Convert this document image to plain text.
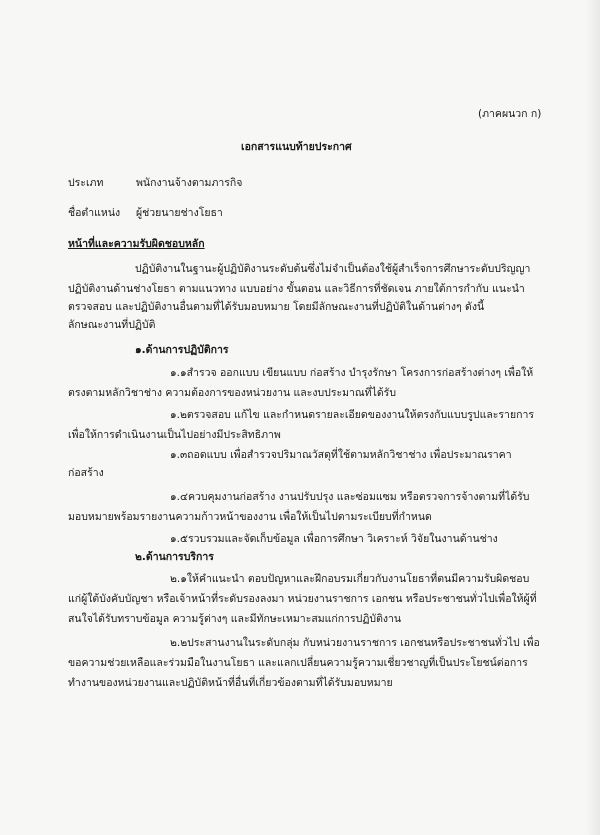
(ภาคผนวก ก)
เอกสารแนบท้ายประกาศ
ประเภท	พนักงานจ้างตามภารกิจ
ชื่อตำแหน่ง ผู้ช่วยนายช่างโยธา
หน้าที่และความรับผิดชอบหลัก
ปฏิบัติงานในฐานะผู้ปฏิบัติงานระดับต้นซึ่งไม่จำเป็นต้องใช้ผู้สำเร็จการศึกษาระดับปริญญา
ปฏิบัติงานด้านช่างโยธา ตามแนวทาง แบบอย่าง ขั้นตอน และวิธีการที่ชัดเจน ภายใต้การกำกับ แนะนำ
ตรวจสอบ และปฏิบัติงานอื่นตามที่ได้รับมอบหมาย โดยมีลักษณะงานที่ปฏิบัติในด้านต่างๆ ดังนี้
ลักษณะงานที่ปฏิบัติ
๑.ด้านการปฏิบัติการ
๑.๑สำรวจ ออกแบบ เขียนแบบ ก่อสร้าง บำรุงรักษา โครงการก่อสร้างต่างๆ เพื่อให้
ตรงตามหลักวิชาช่าง ความต้องการของหน่วยงาน และงบประมาณที่ได้รับ
๑.๒ตรวจสอบ แก้ไข และกำหนดรายละเอียดของงานให้ตรงกับแบบรูปและรายการ
เพื่อให้การดำเนินงานเป็นไปอย่างมีประสิทธิภาพ
๑.๓ถอดแบบ เพื่อสำรวจปริมาณวัสดุที่ใช้ตามหลักวิชาช่าง เพื่อประมาณราคา
ก่อสร้าง
๑.๔ควบคุมงานก่อสร้าง งานปรับปรุง และซ่อมแซม หรือตรวจการจ้างตามที่ได้รับ
มอบหมายพร้อมรายงานความก้าวหน้าของงาน เพื่อให้เป็นไปตามระเบียบที่กำหนด
๑.๕รวบรวมและจัดเก็บข้อมูล เพื่อการศึกษา วิเคราะห์ วิจัยในงานด้านช่าง
๒.ด้านการบริการ
๒.๑ให้คำแนะนำ ตอบปัญหาและฝึกอบรมเกี่ยวกับงานโยธาที่ตนมีความรับผิดชอบ
แก่ผู้ใต้บังคับบัญชา หรือเจ้าหน้าที่ระดับรองลงมา หน่วยงานราชการ เอกชน หรือประชาชนทั่วไปเพื่อให้ผู้ที่
สนใจได้รับทราบข้อมูล ความรู้ต่างๆ และมีทักษะเหมาะสมแก่การปฏิบัติงาน
๒.๒ประสานงานในระดับกลุ่ม กับหน่วยงานราชการ เอกชนหรือประชาชนทั่วไป เพื่อ
ขอความช่วยเหลือและร่วมมือในงานโยธา และแลกเปลี่ยนความรู้ความเชี่ยวชาญที่เป็นประโยชน์ต่อการ
ทำงานของหน่วยงานและปฏิบัติหน้าที่อื่นที่เกี่ยวข้องตามที่ได้รับมอบหมาย
